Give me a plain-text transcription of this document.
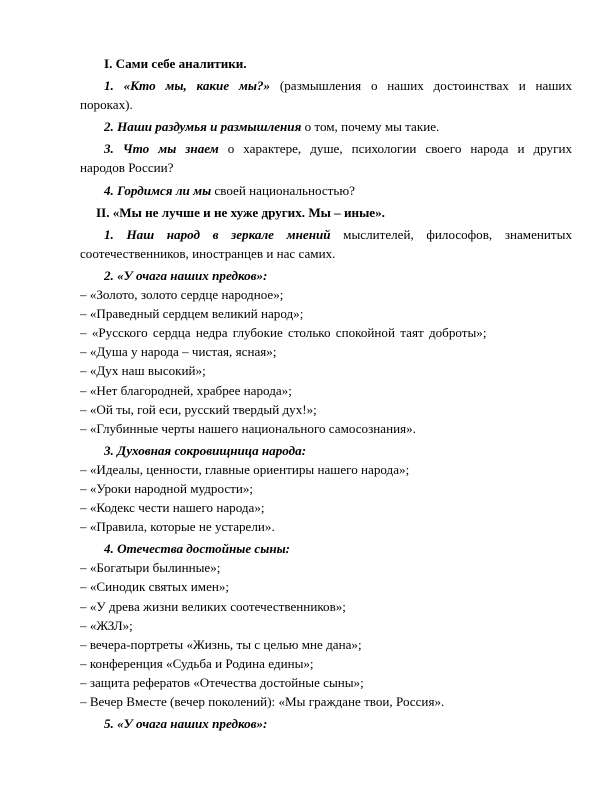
I. Сами себе аналитики.
1. «Кто мы, какие мы?» (размышления о наших достоинствах и наших
пороках).
2. Наши раздумья и размышления о том, почему мы такие.
3. Что мы знаем о характере, душе, психологии своего народа и других
народов России?
4. Гордимся ли мы своей национальностью?
II. «Мы не лучше и не хуже других. Мы – иные».
1. Наш народ в зеркале мнений мыслителей, философов, знаменитых
соотечественников, иностранцев и нас самих.
2. «У очага наших предков»:
– «Золото, золото сердце народное»;
– «Праведный сердцем великий народ»;
– «Русского сердца недра глубокие столько спокойной таят доброты»;
– «Душа у народа – чистая, ясная»;
– «Дух наш высокий»;
– «Нет благородней, храбрее народа»;
– «Ой ты, гой еси, русский твердый дух!»;
– «Глубинные черты нашего национального самосознания».
3. Духовная сокровищница народа:
– «Идеалы, ценности, главные ориентиры нашего народа»;
– «Уроки народной мудрости»;
– «Кодекс чести нашего народа»;
– «Правила, которые не устарели».
4. Отечества достойные сыны:
– «Богатыри былинные»;
– «Синодик святых имен»;
– «У древа жизни великих соотечественников»;
– «ЖЗЛ»;
– вечера-портреты «Жизнь, ты с целью мне дана»;
– конференция «Судьба и Родина едины»;
– защита рефератов «Отечества достойные сыны»;
– Вечер Вместе (вечер поколений): «Мы граждане твои, Россия».
5. «У очага наших предков»:
